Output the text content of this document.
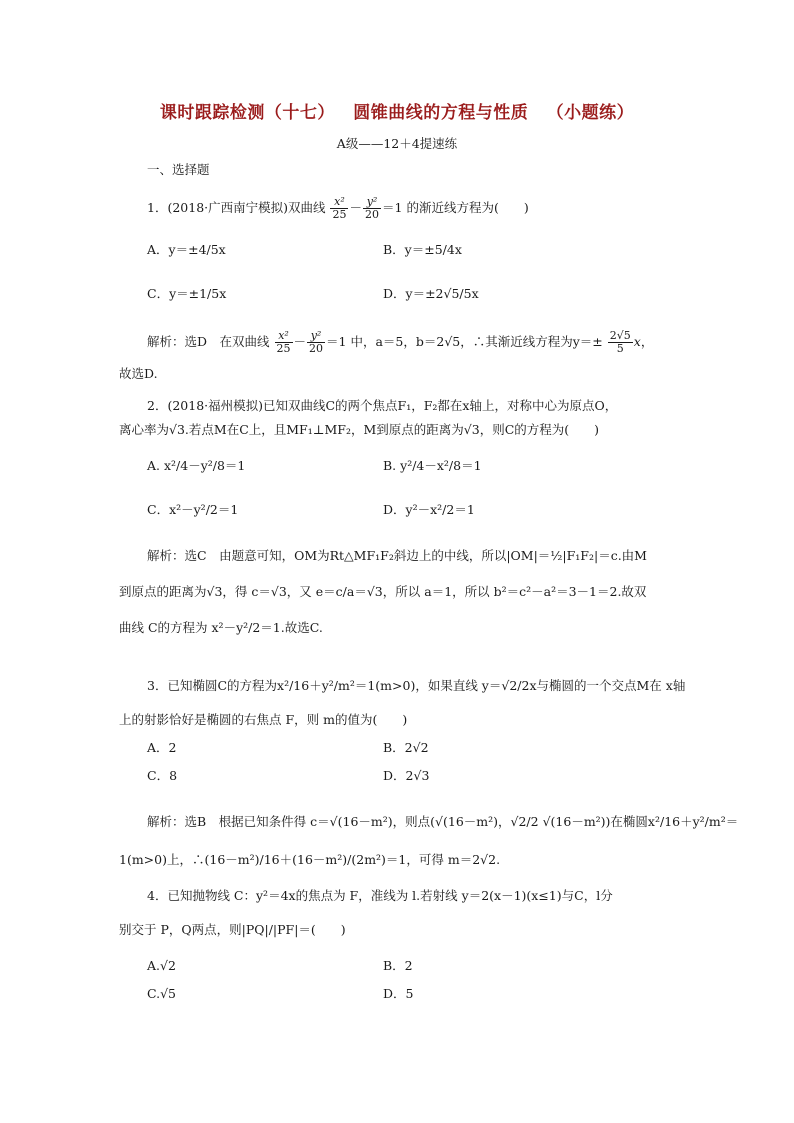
课时跟踪检测（十七） 圆锥曲线的方程与性质 （小题练）
A级——12＋4提速练
一、选择题
1．(2018·广西南宁模拟)双曲线 $\frac{\text{x²}}{25} - \frac{\text{y²}}{20} =1$ 的渐近线方程为(　　)
A．y＝±4/5x	B．y＝±5/4x
C．y＝±1/5x	D．y＝±2√5/5x
解析：选D　在双曲线 $\frac{\text{x²}}{25} - \frac{\text{y²}}{20} =1$ 中，a＝5，b＝2√5，∴其渐近线方程为$y=\pm \frac{2√5}{5}$ x，
故选D.
2．(2018·福州模拟)已知双曲线C的两个焦点F₁，F₂都在x轴上，对称中心为原点O，
离心率为√3.若点M在C上，且MF₁⊥MF₂，M到原点的距离为√3，则C的方程为(　　)
A. x²/4－y²/8＝1	B. y²/4－x²/8＝1
C．x²－y²/2＝1	D．y²－x²/2＝1
解析：选C　由题意可知，OM为Rt△MF₁F₂斜边上的中线，所以|OM|＝½|F₁F₂|＝c.由M
到原点的距离为√3，得 c＝√3，又 e＝c/a＝√3，所以 a＝1，所以 b²＝c²－a²＝3－1＝2.故双
曲线 C的方程为 x²－y²/2＝1.故选C.
3．已知椭圆C的方程为x²/16＋y²/m²＝1(m>0)，如果直线 y＝√2/2x与椭圆的一个交点M在 x轴
上的射影恰好是椭圆的右焦点 F，则 m的值为(　　)
A．2	B．2√2
C．8	D．2√3
解析：选B　根据已知条件得 c＝√(16－m²)，则点(√(16－m²)，√2/2 √(16－m²))在椭圆x²/16＋y²/m²＝
1(m>0)上，∴(16－m²)/16＋(16－m²)/(2m²)＝1，可得 m＝2√2.
4．已知抛物线 C：y²＝4x的焦点为 F，准线为 l.若射线 y＝2(x－1)(x≤1)与C，l分
别交于 P，Q两点，则|PQ|/|PF|＝(　　)
A.√2	B．2
C.√5	D．5
